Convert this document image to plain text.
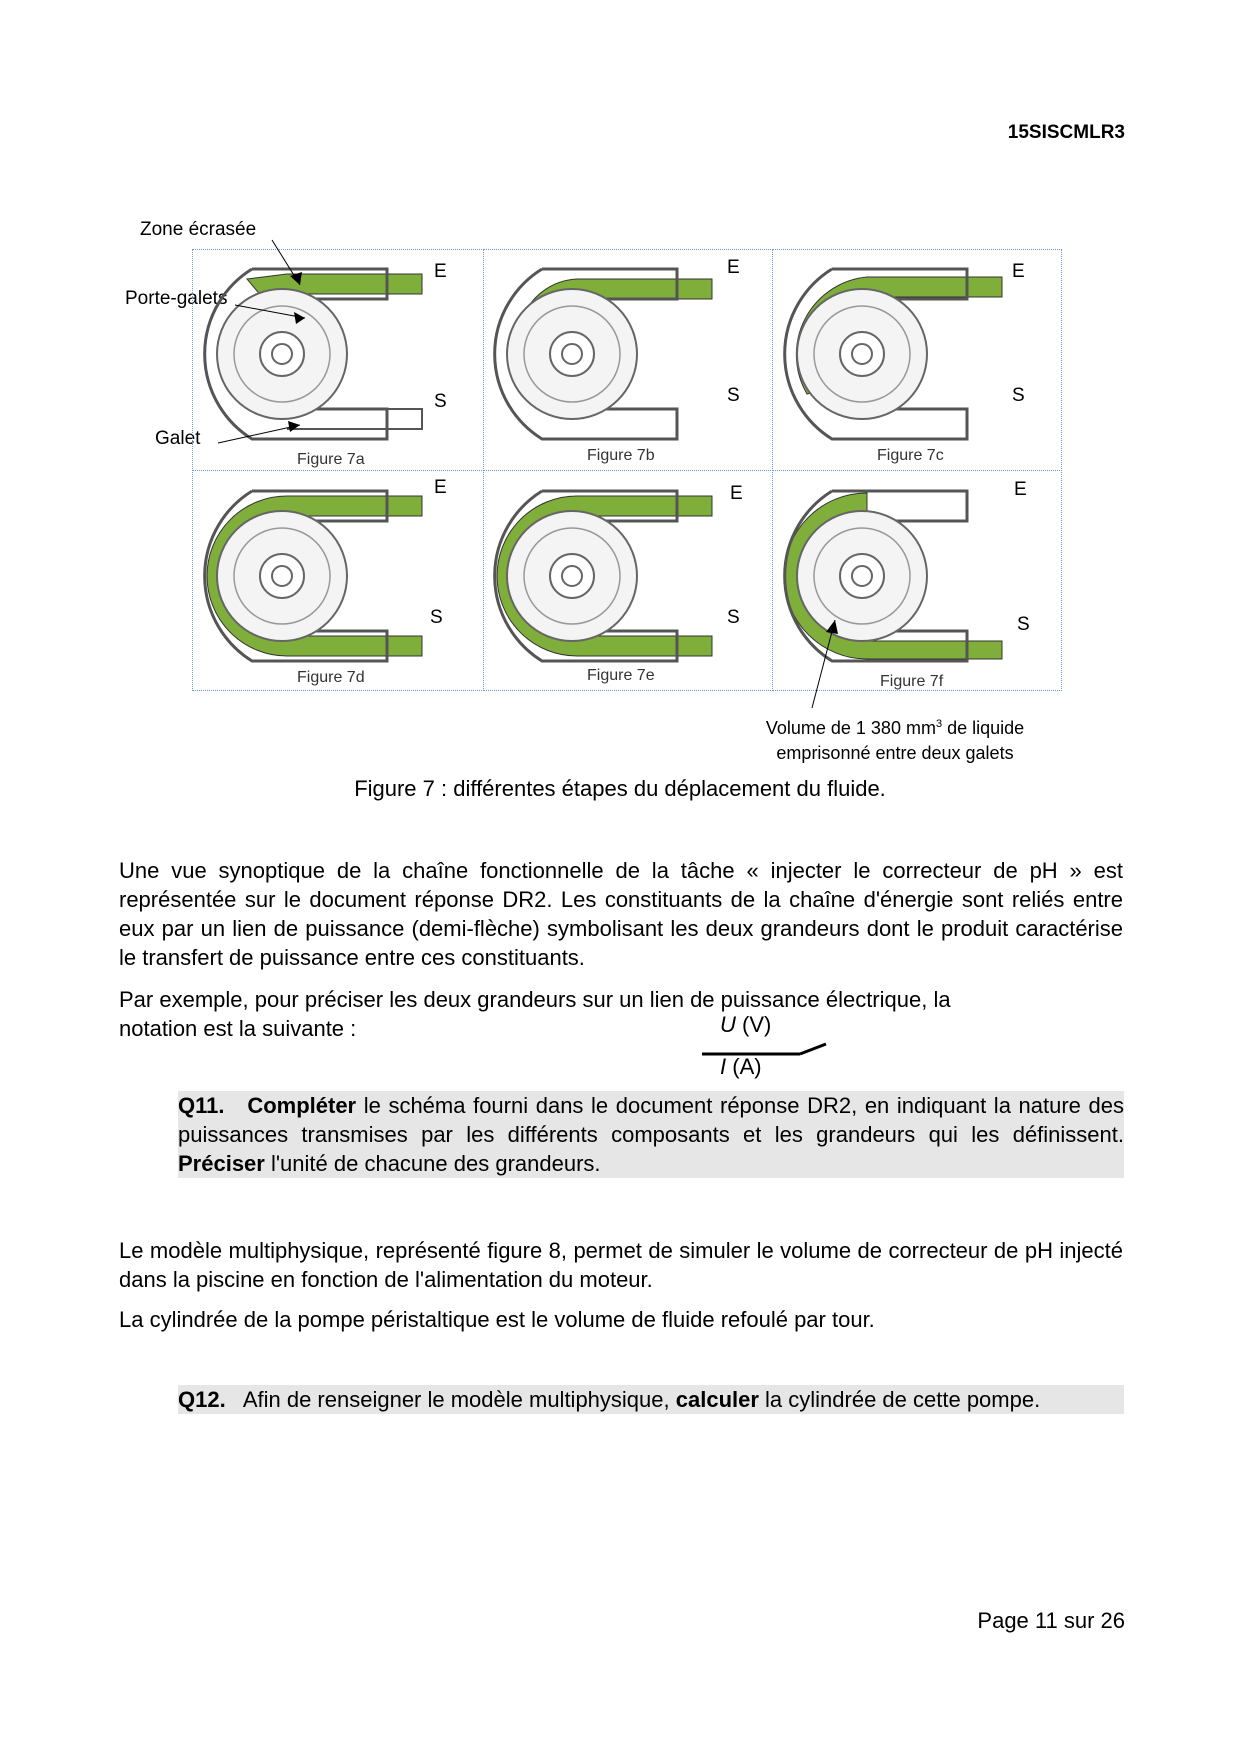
15SISCMLR3
Zone écrasée
Porte-galets
Galet
Figure 7a	Figure 7b	Figure 7c
Figure 7d	Figure 7e	Figure 7f
E
S
E
S
E
S
E
S
E
S
E
S
Volume de 1 380 $mm^3$ de liquide
emprisonné entre deux galets
Figure 7 : différentes étapes du déplacement du fluide.
Une vue synoptique de la chaîne fonctionnelle de la tâche « injecter le correcteur de pH » est représentée sur le document réponse DR2. Les constituants de la chaîne d'énergie sont reliés entre eux par un lien de puissance (demi-flèche) symbolisant les deux grandeurs dont le produit caractérise le transfert de puissance entre ces constituants.
Par exemple, pour préciser les deux grandeurs sur un lien de puissance électrique, la
notation est la suivante :	U (V)
I (A)
Q11. Compléter le schéma fourni dans le document réponse DR2, en indiquant la nature des puissances transmises par les différents composants et les grandeurs qui les définissent. Préciser l'unité de chacune des grandeurs.
Le modèle multiphysique, représenté figure 8, permet de simuler le volume de correcteur de pH injecté dans la piscine en fonction de l'alimentation du moteur.
La cylindrée de la pompe péristaltique est le volume de fluide refoulé par tour.
Q12. Afin de renseigner le modèle multiphysique, calculer la cylindrée de cette pompe.
Page 11 sur 26
